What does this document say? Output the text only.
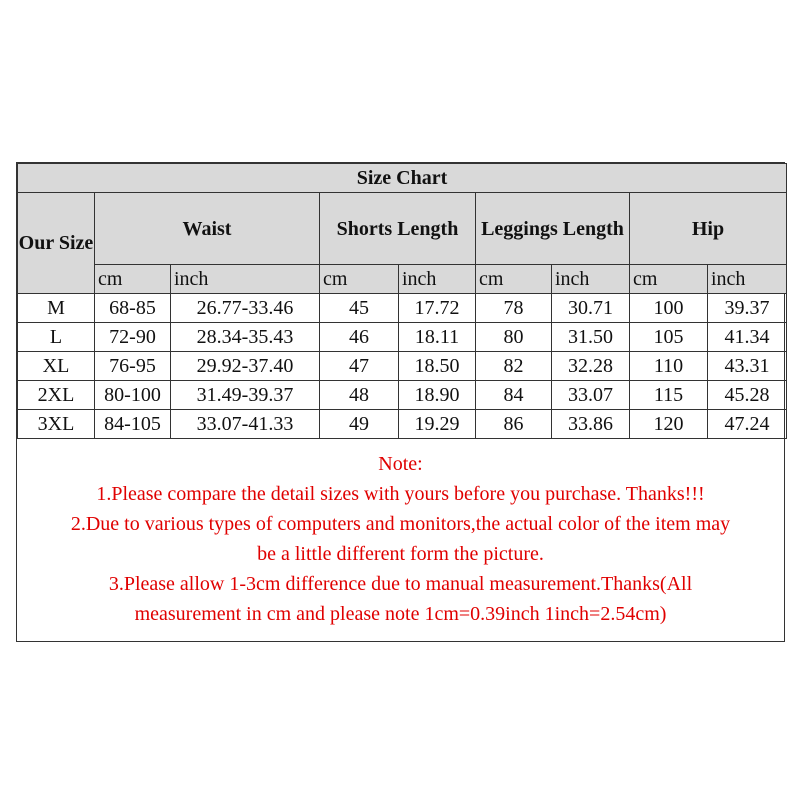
Size Chart								
Our Size	Waist		Shorts Length		Leggings Length		Hip	
	cm	inch	cm	inch	cm	inch	cm	inch
M	68-85	26.77-33.46	45	17.72	78	30.71	100	39.37
L	72-90	28.34-35.43	46	18.11	80	31.50	105	41.34
XL	76-95	29.92-37.40	47	18.50	82	32.28	110	43.31
2XL	80-100	31.49-39.37	48	18.90	84	33.07	115	45.28
3XL	84-105	33.07-41.33	49	19.29	86	33.86	120	47.24
Note:
1.Please compare the detail sizes with yours before you purchase. Thanks!!!
2.Due to various types of computers and monitors,the actual color of the item may
be a little different form the picture.
3.Please allow 1-3cm difference due to manual measurement.Thanks(All
measurement in cm and please note 1cm=0.39inch 1inch=2.54cm)
